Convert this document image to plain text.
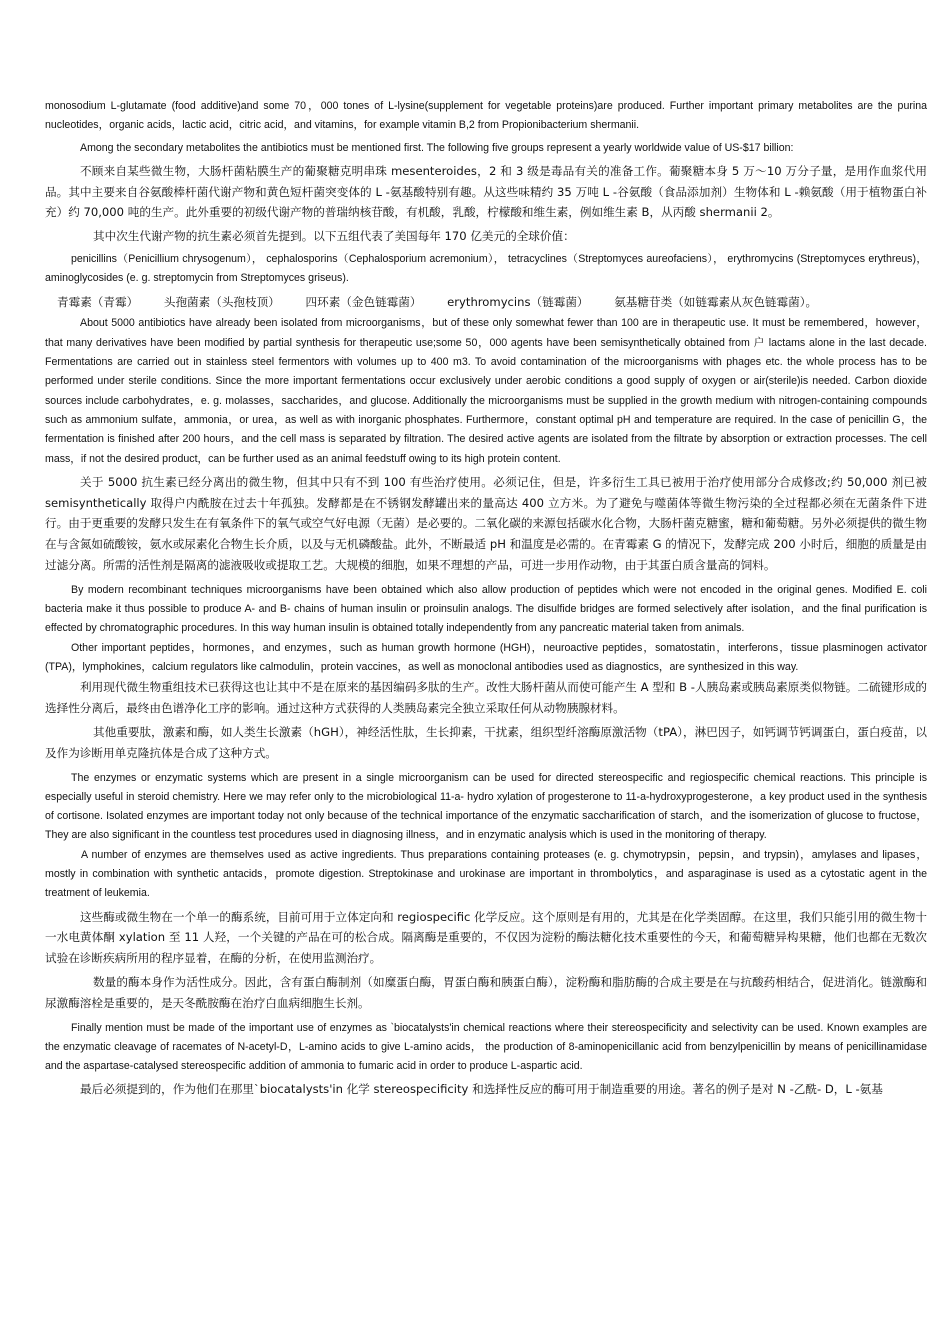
monosodium L-glutamate (food additive)and some 70，000 tones of L-lysine(supplement for vegetable proteins)are produced. Further important primary metabolites are the purina nucleotides，organic acids，lactic acid，citric acid，and vitamins，for example vitamin B,2 from Propionibacterium shermanii.

Among the secondary metabolites the antibiotics must be mentioned first. The following five groups represent a yearly worldwide value of US-$17 billion:

不顾来自某些微生物，大肠杆菌粘膜生产的葡聚糖克明串珠 mesenteroides，2 和 3 级是毒品有关的准备工作。葡聚糖本身 5 万～10 万分子量，是用作血浆代用品。其中主要来自谷氨酸棒杆菌代谢产物和黄色短杆菌突变体的 L -氨基酸特别有趣。从这些味精约 35 万吨 L -谷氨酸（食品添加剂）生物体和 L -赖氨酸（用于植物蛋白补充）约 70,000 吨的生产。此外重要的初级代谢产物的普瑞纳核苷酸，有机酸，乳酸，柠檬酸和维生素，例如维生素 B，从丙酸 shermanii 2。

其中次生代谢产物的抗生素必须首先提到。以下五组代表了美国每年 170 亿美元的全球价值：

penicillins（Penicillium chrysogenum）， cephalosporins（Cephalosporium acremonium）， tetracyclines（Streptomyces aureofaciens）， erythromycins (Streptomyces erythreus)， aminoglycosides (e. g. streptomycin from Streptomyces griseus).

青霉素（青霉） 头孢菌素（头孢枝顶） 四环素（金色链霉菌） erythromycins（链霉菌） 氨基糖苷类（如链霉素从灰色链霉菌）。

About 5000 antibiotics have already been isolated from microorganisms，but of these only somewhat fewer than 100 are in therapeutic use. It must be remembered，however，that many derivatives have been modified by partial synthesis for therapeutic use;some 50，000 agents have been semisynthetically obtained from 户 lactams alone in the last decade. Fermentations are carried out in stainless steel fermentors with volumes up to 400 m3. To avoid contamination of the microorganisms with phages etc. the whole process has to be performed under sterile conditions. Since the more important fermentations occur exclusively under aerobic conditions a good supply of oxygen or air(sterile)is needed. Carbon dioxide sources include carbohydrates，e. g. molasses，saccharides，and glucose. Additionally the microorganisms must be supplied in the growth medium with nitrogen-containing compounds such as ammonium sulfate，ammonia，or urea，as well as with inorganic phosphates. Furthermore，constant optimal pH and temperature are required. In the case of penicillin G，the fermentation is finished after 200 hours，and the cell mass is separated by filtration. The desired active agents are isolated from the filtrate by absorption or extraction processes. The cell mass，if not the desired product，can be further used as an animal feedstuff owing to its high protein content.

关于 5000 抗生素已经分离出的微生物，但其中只有不到 100 有些治疗使用。必须记住，但是，许多衍生工具已被用于治疗使用部分合成修改;约 50,000 剂已被 semisynthetically 取得户内酰胺在过去十年孤独。发酵都是在不锈钢发酵罐出来的量高达 400 立方米。为了避免与噬菌体等微生物污染的全过程都必须在无菌条件下进行。由于更重要的发酵只发生在有氧条件下的氧气或空气好电源（无菌）是必要的。二氧化碳的来源包括碳水化合物，大肠杆菌克糖蜜，糖和葡萄糖。另外必须提供的微生物在与含氮如硫酸铵，氨水或尿素化合物生长介质，以及与无机磷酸盐。此外，不断最适 pH 和温度是必需的。在青霉素 G 的情况下，发酵完成 200 小时后，细胞的质量是由过滤分离。所需的活性剂是隔离的滤液吸收或提取工艺。大规模的细胞，如果不理想的产品，可进一步用作动物，由于其蛋白质含量高的饲料。

By modern recombinant techniques microorganisms have been obtained which also allow production of peptides which were not encoded in the original genes. Modified E. coli bacteria make it thus possible to produce A- and B- chains of human insulin or proinsulin analogs. The disulfide bridges are formed selectively after isolation，and the final purification is effected by chromatographic procedures. In this way human insulin is obtained totally independently from any pancreatic material taken from animals.

Other important peptides，hormones，and enzymes，such as human growth hormone (HGH)，neuroactive peptides，somatostatin，interferons，tissue plasminogen activator (TPA)，lymphokines，calcium regulators like calmodulin，protein vaccines，as well as monoclonal antibodies used as diagnostics，are synthesized in this way.

利用现代微生物重组技术已获得这也让其中不是在原来的基因编码多肽的生产。改性大肠杆菌从而使可能产生 A 型和 B -人胰岛素或胰岛素原类似物链。二硫键形成的选择性分离后，最终由色谱净化工序的影响。通过这种方式获得的人类胰岛素完全独立采取任何从动物胰腺材料。

其他重要肽，激素和酶，如人类生长激素（hGH），神经活性肽，生长抑素，干扰素，组织型纤溶酶原激活物（tPA），淋巴因子，如钙调节钙调蛋白，蛋白疫苗，以及作为诊断用单克隆抗体是合成了这种方式。

The enzymes or enzymatic systems which are present in a single microorganism can be used for directed stereospecific and regiospecific chemical reactions. This principle is especially useful in steroid chemistry. Here we may refer only to the microbiological 11-a- hydro xylation of progesterone to 11-a-hydroxyprogesterone，a key product used in the synthesis of cortisone. Isolated enzymes are important today not only because of the technical importance of the enzymatic saccharification of starch，and the isomerization of glucose to fructose，They are also significant in the countless test procedures used in diagnosing illness，and in enzymatic analysis which is used in the monitoring of therapy.

A number of enzymes are themselves used as active ingredients. Thus preparations containing proteases (e. g. chymotrypsin，pepsin，and trypsin)，amylases and lipases， mostly in combination with synthetic antacids，promote digestion. Streptokinase and urokinase are important in thrombolytics，and asparaginase is used as a cytostatic agent in the treatment of leukemia.

这些酶或微生物在一个单一的酶系统，目前可用于立体定向和 regiospecific 化学反应。这个原则是有用的，尤其是在化学类固醇。在这里，我们只能引用的微生物十一水电黄体酮 xylation 至 11 人羟，一个关键的产品在可的松合成。隔离酶是重要的，不仅因为淀粉的酶法糖化技术重要性的今天，和葡萄糖异构果糖，他们也都在无数次试验在诊断疾病所用的程序显着，在酶的分析，在使用监测治疗。

数量的酶本身作为活性成分。因此，含有蛋白酶制剂（如糜蛋白酶，胃蛋白酶和胰蛋白酶），淀粉酶和脂肪酶的合成主要是在与抗酸药相结合，促进消化。链激酶和尿激酶溶栓是重要的，是天冬酰胺酶在治疗白血病细胞生长剂。

Finally mention must be made of the important use of enzymes as `biocatalysts'in chemical reactions where their stereospecificity and selectivity can be used. Known examples are the enzymatic cleavage of racemates of N-acetyl-D，L-amino acids to give L-amino acids， the production of 8-aminopenicillanic acid from benzylpenicillin by means of penicillinamidase and the aspartase-catalysed stereospecific addition of ammonia to fumaric acid in order to produce L-aspartic acid.

最后必须提到的，作为他们在那里`biocatalysts'in 化学 stereospecificity 和选择性反应的酶可用于制造重要的用途。著名的例子是对 N -乙酰- D，L -氨基
